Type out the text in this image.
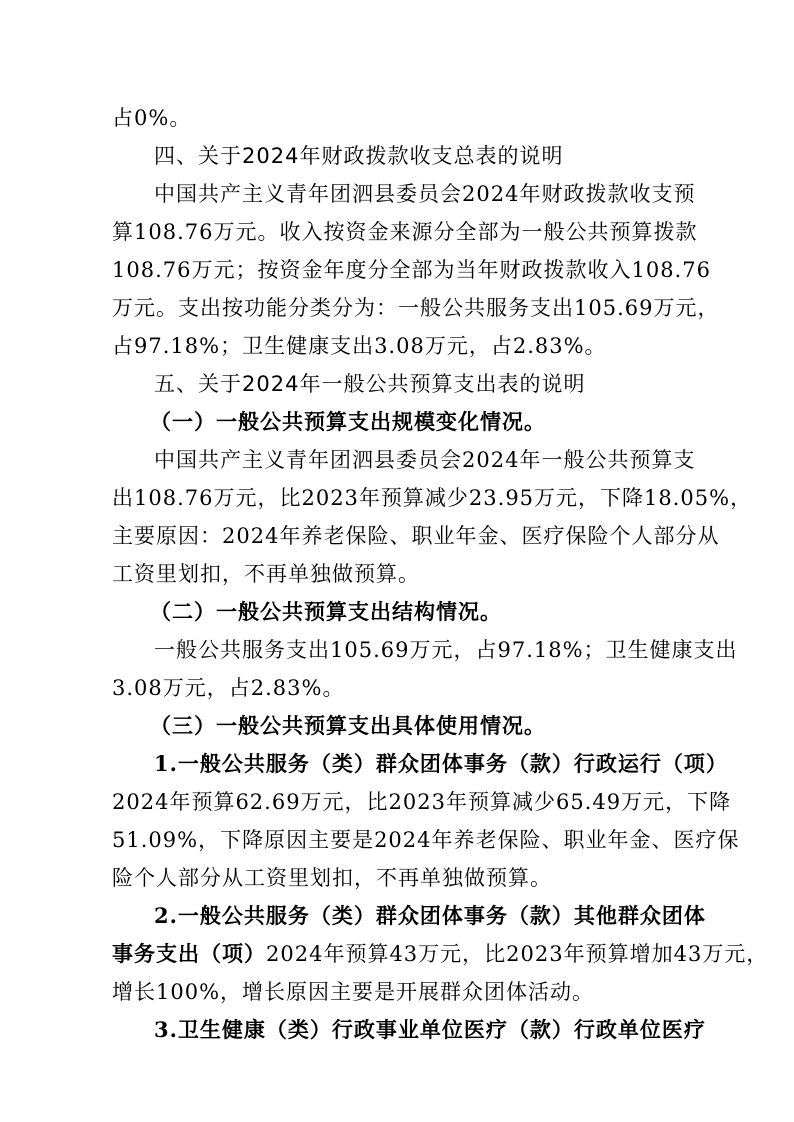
占0%。
四、关于2024年财政拨款收支总表的说明
中国共产主义青年团泗县委员会2024年财政拨款收支预
算108.76万元。收入按资金来源分全部为一般公共预算拨款
108.76万元；按资金年度分全部为当年财政拨款收入108.76
万元。支出按功能分类分为：一般公共服务支出105.69万元，
占97.18%；卫生健康支出3.08万元，占2.83%。
五、关于2024年一般公共预算支出表的说明
（一）一般公共预算支出规模变化情况。
中国共产主义青年团泗县委员会2024年一般公共预算支
出108.76万元，比2023年预算减少23.95万元，下降18.05%，
主要原因：2024年养老保险、职业年金、医疗保险个人部分从
工资里划扣，不再单独做预算。
（二）一般公共预算支出结构情况。
一般公共服务支出105.69万元，占97.18%；卫生健康支出
3.08万元，占2.83%。
（三）一般公共预算支出具体使用情况。
1.一般公共服务（类）群众团体事务（款）行政运行（项）
2024年预算62.69万元，比2023年预算减少65.49万元，下降
51.09%，下降原因主要是2024年养老保险、职业年金、医疗保
险个人部分从工资里划扣，不再单独做预算。
2.一般公共服务（类）群众团体事务（款）其他群众团体
事务支出（项）2024年预算43万元，比2023年预算增加43万元，
增长100%，增长原因主要是开展群众团体活动。
3.卫生健康（类）行政事业单位医疗（款）行政单位医疗
